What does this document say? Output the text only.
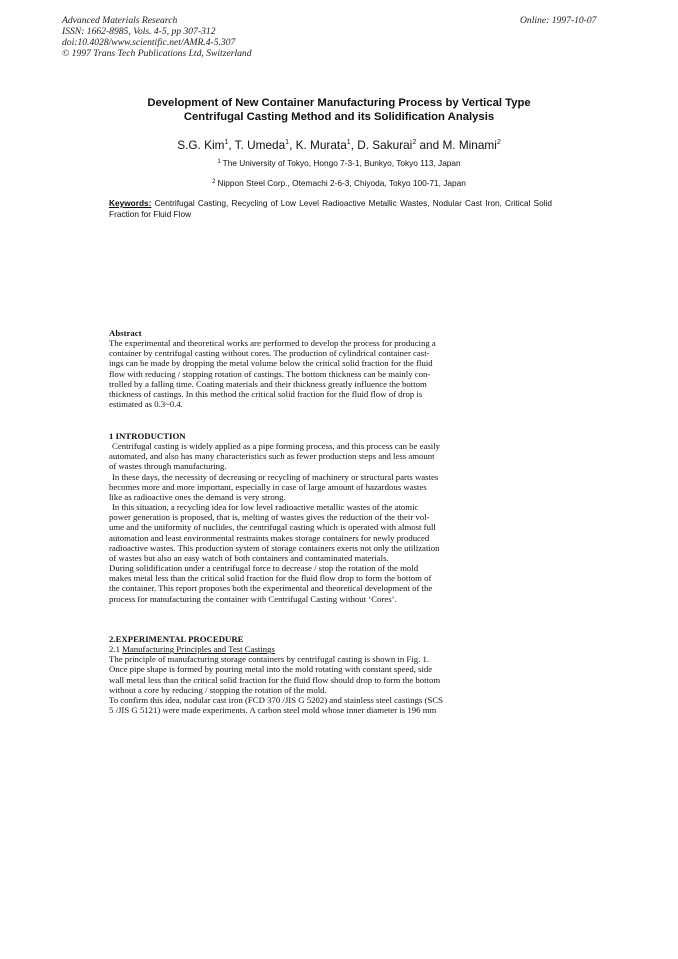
Advanced Materials Research
ISSN: 1662-8985, Vols. 4-5, pp 307-312
doi:10.4028/www.scientific.net/AMR.4-5.307
© 1997 Trans Tech Publications Ltd, Switzerland
Online: 1997-10-07
Development of New Container Manufacturing Process by Vertical Type
Centrifugal Casting Method and its Solidification Analysis
S.G. Kim$^1$, T. Umeda$^1$, K. Murata$^1$, D. Sakurai$^2$ and M. Minami$^2$
$^1$ The University of Tokyo, Hongo 7-3-1, Bunkyo, Tokyo 113, Japan
$^2$ Nippon Steel Corp., Otemachi 2-6-3, Chiyoda, Tokyo 100-71, Japan
Keywords: Centrifugal Casting, Recycling of Low Level Radioactive Metallic Wastes, Nodular Cast Iron, Critical Solid Fraction for Fluid Flow
Abstract
The experimental and theoretical works are performed to develop the process for producing a
container by centrifugal casting without cores. The production of cylindrical container cast-
ings can be made by dropping the metal volume below the critical solid fraction for the fluid
flow with reducing / stopping rotation of castings. The bottom thickness can be mainly con-
trolled by a falling time. Coating materials and their thickness greatly influence the bottom
thickness of castings. In this method the critical solid fraction for the fluid flow of drop is
estimated as 0.3~0.4.
1 INTRODUCTION
Centrifugal casting is widely applied as a pipe forming process, and this process can be easily
automated, and also has many characteristics such as fewer production steps and less amount
of wastes through manufacturing.
In these days, the necessity of decreasing or recycling of machinery or structural parts wastes
becomes more and more important, especially in case of large amount of hazardous wastes
like as radioactive ones the demand is very strong.
In this situation, a recycling idea for low level radioactive metallic wastes of the atomic
power generation is proposed, that is, melting of wastes gives the reduction of the their vol-
ume and the uniformity of nuclides, the centrifugal casting which is operated with almost full
automation and least environmental restraints makes storage containers for newly produced
radioactive wastes. This production system of storage containers exerts not only the utilization
of wastes but also an easy watch of both containers and contaminated materials.
During solidification under a centrifugal force to decrease / stop the rotation of the mold
makes metal less than the critical solid fraction for the fluid flow drop to form the bottom of
the container. This report proposes both the experimental and theoretical development of the
process for manufacturing the container with Centrifugal Casting without ‘Cores’.
2.EXPERIMENTAL PROCEDURE
2.1 Manufacturing Principles and Test Castings
The principle of manufacturing storage containers by centrifugal casting is shown in Fig. 1.
Once pipe shape is formed by pouring metal into the mold rotating with constant speed, side
wall metal less than the critical solid fraction for the fluid flow should drop to form the bottom
without a core by reducing / stopping the rotation of the mold.
To confirm this idea, nodular cast iron (FCD 370 /JIS G 5202) and stainless steel castings (SCS
5 /JIS G 5121) were made experiments. A carbon steel mold whose inner diameter is 196 mm
